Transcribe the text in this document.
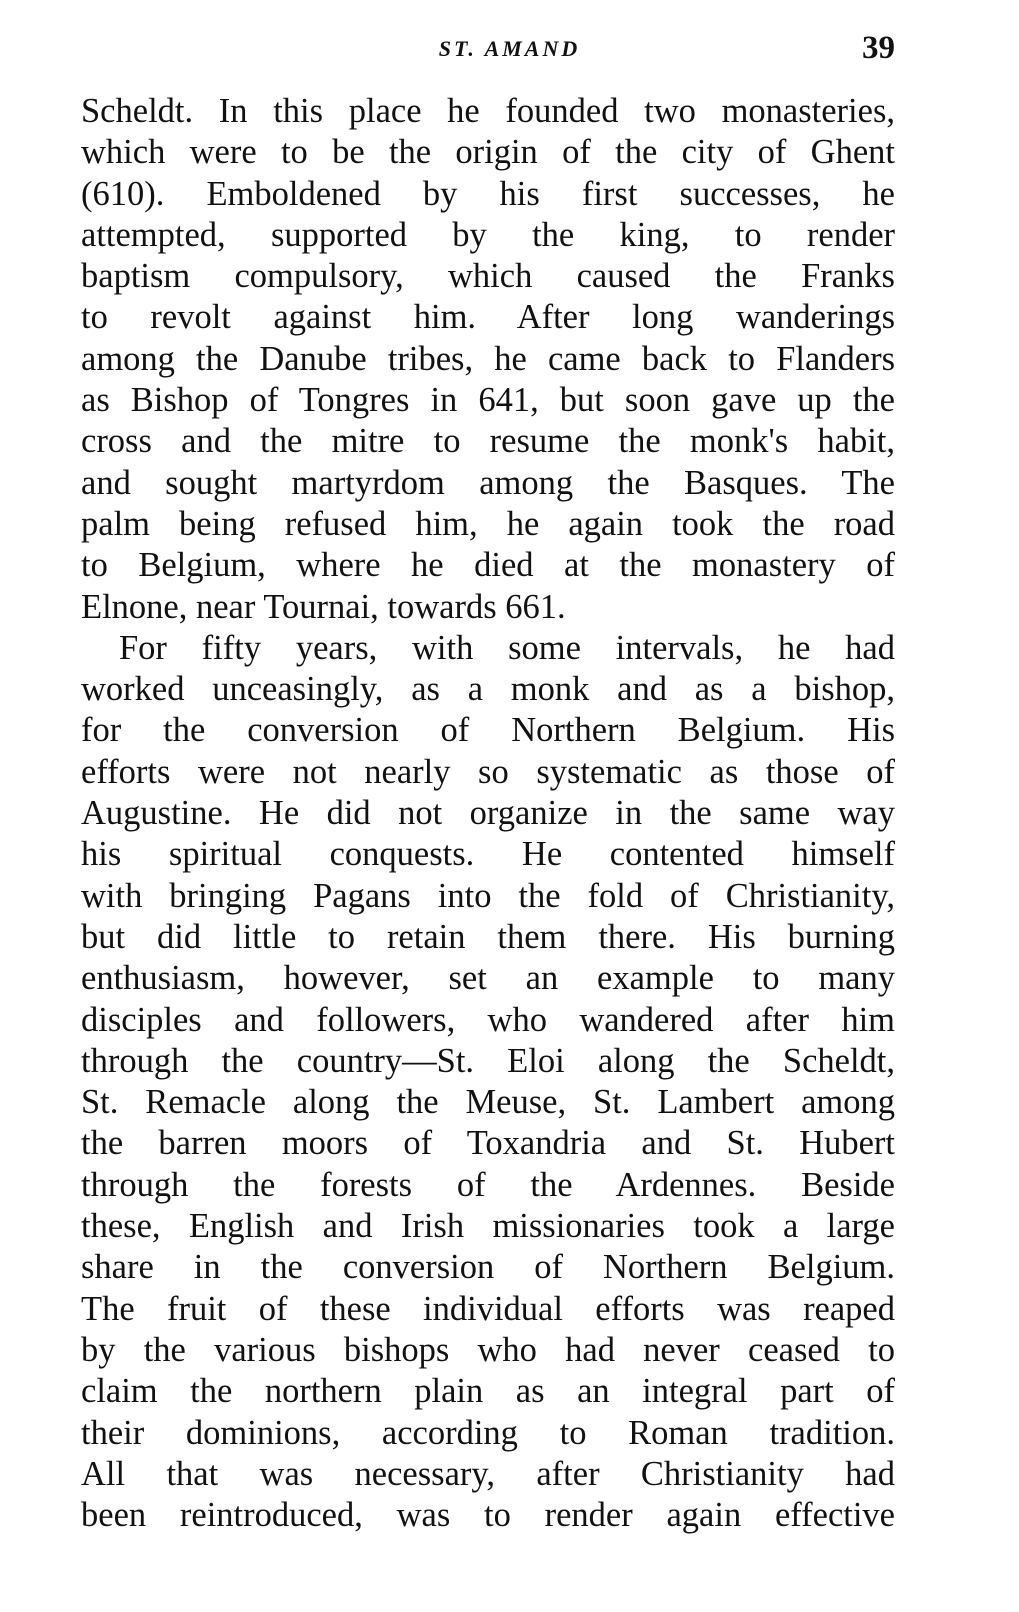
ST. AMAND	39
Scheldt. In this place he founded two monasteries,
which were to be the origin of the city of Ghent
(610). Emboldened by his first successes, he
attempted, supported by the king, to render
baptism compulsory, which caused the Franks
to revolt against him. After long wanderings
among the Danube tribes, he came back to Flanders
as Bishop of Tongres in 641, but soon gave up the
cross and the mitre to resume the monk's habit,
and sought martyrdom among the Basques. The
palm being refused him, he again took the road
to Belgium, where he died at the monastery of
Elnone, near Tournai, towards 661.
For fifty years, with some intervals, he had
worked unceasingly, as a monk and as a bishop,
for the conversion of Northern Belgium. His
efforts were not nearly so systematic as those of
Augustine. He did not organize in the same way
his spiritual conquests. He contented himself
with bringing Pagans into the fold of Christianity,
but did little to retain them there. His burning
enthusiasm, however, set an example to many
disciples and followers, who wandered after him
through the country—St. Eloi along the Scheldt,
St. Remacle along the Meuse, St. Lambert among
the barren moors of Toxandria and St. Hubert
through the forests of the Ardennes. Beside
these, English and Irish missionaries took a large
share in the conversion of Northern Belgium.
The fruit of these individual efforts was reaped
by the various bishops who had never ceased to
claim the northern plain as an integral part of
their dominions, according to Roman tradition.
All that was necessary, after Christianity had
been reintroduced, was to render again effective
